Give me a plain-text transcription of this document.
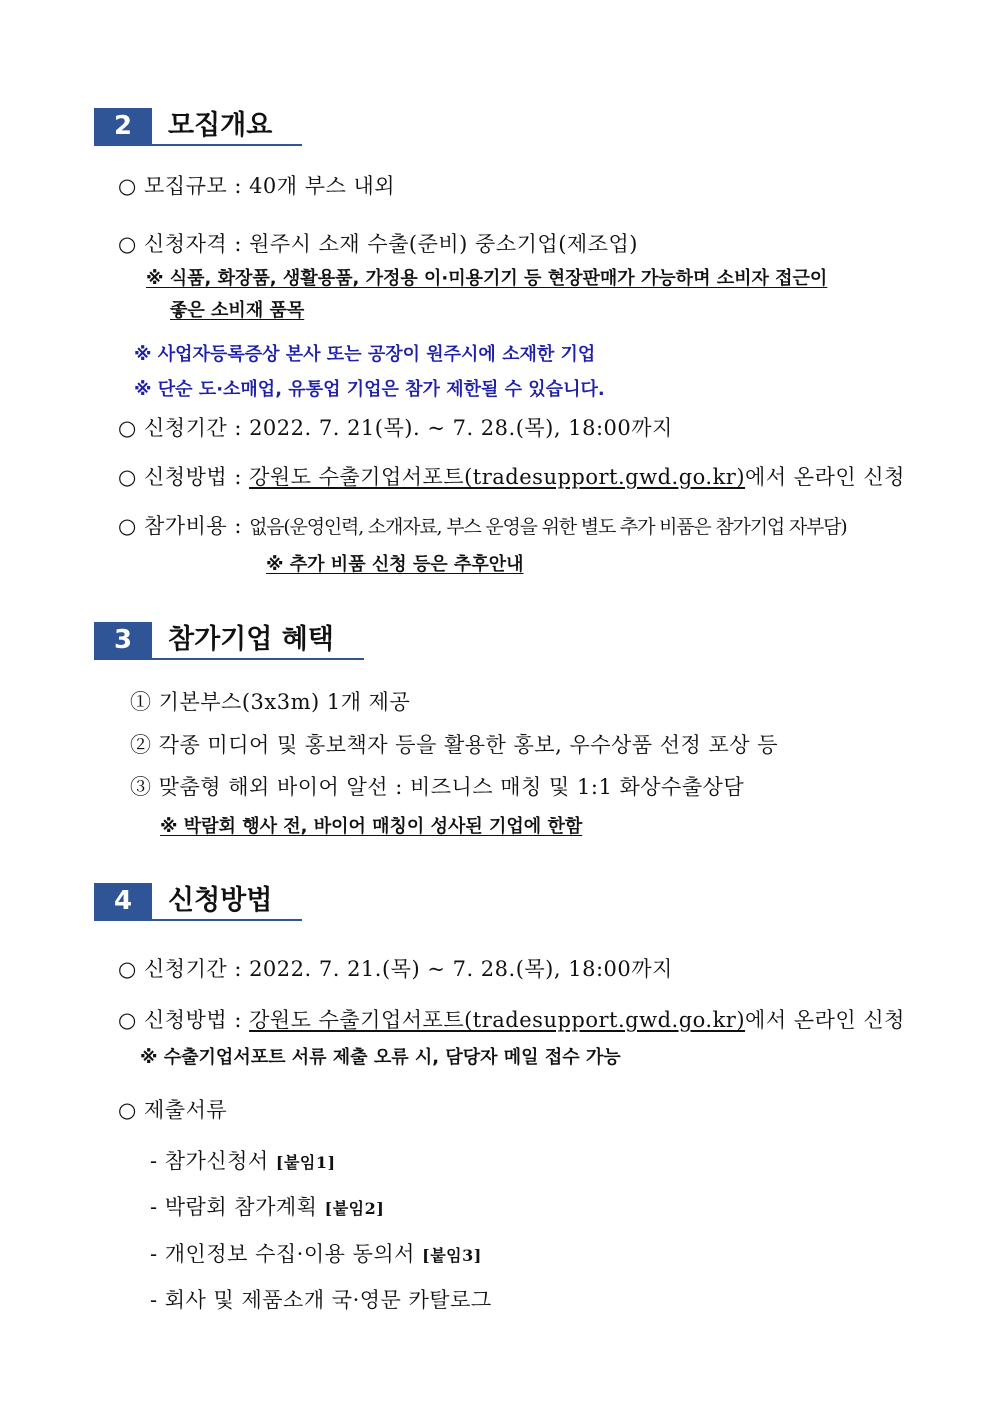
2	모집개요
○ 모집규모 : 40개 부스 내외
○ 신청자격 : 원주시 소재 수출(준비) 중소기업(제조업)
※ 식품, 화장품, 생활용품, 가정용 이·미용기기 등 현장판매가 가능하며 소비자 접근이
좋은 소비재 품목
※ 사업자등록증상 본사 또는 공장이 원주시에 소재한 기업
※ 단순 도·소매업, 유통업 기업은 참가 제한될 수 있습니다.
○ 신청기간 : 2022. 7. 21(목). ~ 7. 28.(목), 18:00까지
○ 신청방법 : 강원도 수출기업서포트(tradesupport.gwd.go.kr)에서 온라인 신청
○ 참가비용 : 없음(운영인력, 소개자료, 부스 운영을 위한 별도 추가 비품은 참가기업 자부담)
※ 추가 비품 신청 등은 추후안내
3	참가기업 혜택
① 기본부스(3x3m) 1개 제공
② 각종 미디어 및 홍보책자 등을 활용한 홍보, 우수상품 선정 포상 등
③ 맞춤형 해외 바이어 알선 : 비즈니스 매칭 및 1:1 화상수출상담
※ 박람회 행사 전, 바이어 매칭이 성사된 기업에 한함
4	신청방법
○ 신청기간 : 2022. 7. 21.(목) ~ 7. 28.(목), 18:00까지
○ 신청방법 : 강원도 수출기업서포트(tradesupport.gwd.go.kr)에서 온라인 신청
※ 수출기업서포트 서류 제출 오류 시, 담당자 메일 접수 가능
○ 제출서류
- 참가신청서 [붙임1]
- 박람회 참가계획 [붙임2]
- 개인정보 수집·이용 동의서 [붙임3]
- 회사 및 제품소개 국·영문 카탈로그
